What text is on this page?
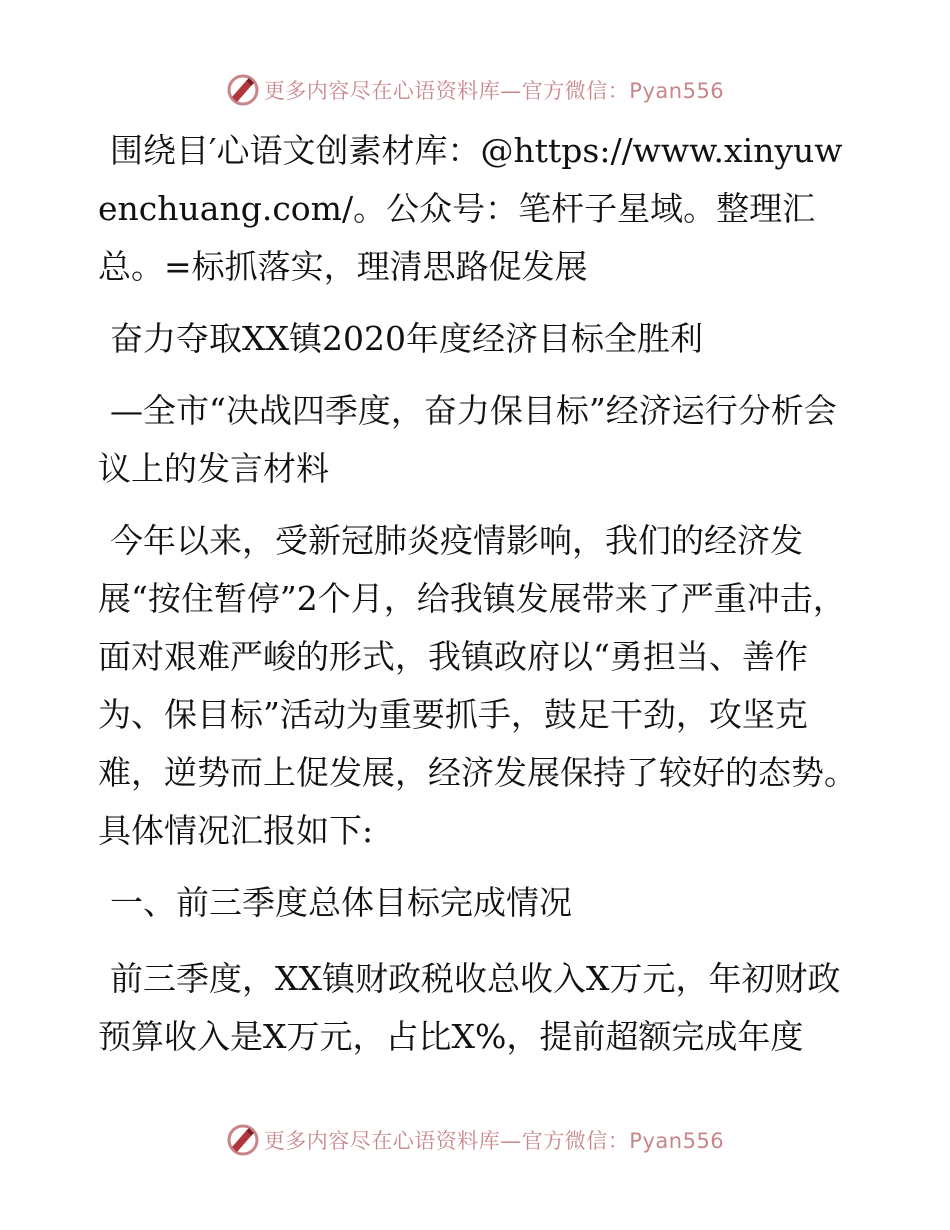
更多内容尽在心语资料库—官方微信：Pyan556

围绕目′心语文创素材库：@https://www.xinyuwenchuang.com/。公众号：笔杆子星域。整理汇总。=标抓落实，理清思路促发展

奋力夺取XX镇2020年度经济目标全胜利

—全市“决战四季度，奋力保目标”经济运行分析会议上的发言材料

今年以来，受新冠肺炎疫情影响，我们的经济发展“按住暂停”2个月，给我镇发展带来了严重冲击，面对艰难严峻的形式，我镇政府以“勇担当、善作为、保目标”活动为重要抓手，鼓足干劲，攻坚克难，逆势而上促发展，经济发展保持了较好的态势。具体情况汇报如下:

一、前三季度总体目标完成情况

前三季度，XX镇财政税收总收入X万元，年初财政预算收入是X万元，占比X%，提前超额完成年度

更多内容尽在心语资料库—官方微信：Pyan556
